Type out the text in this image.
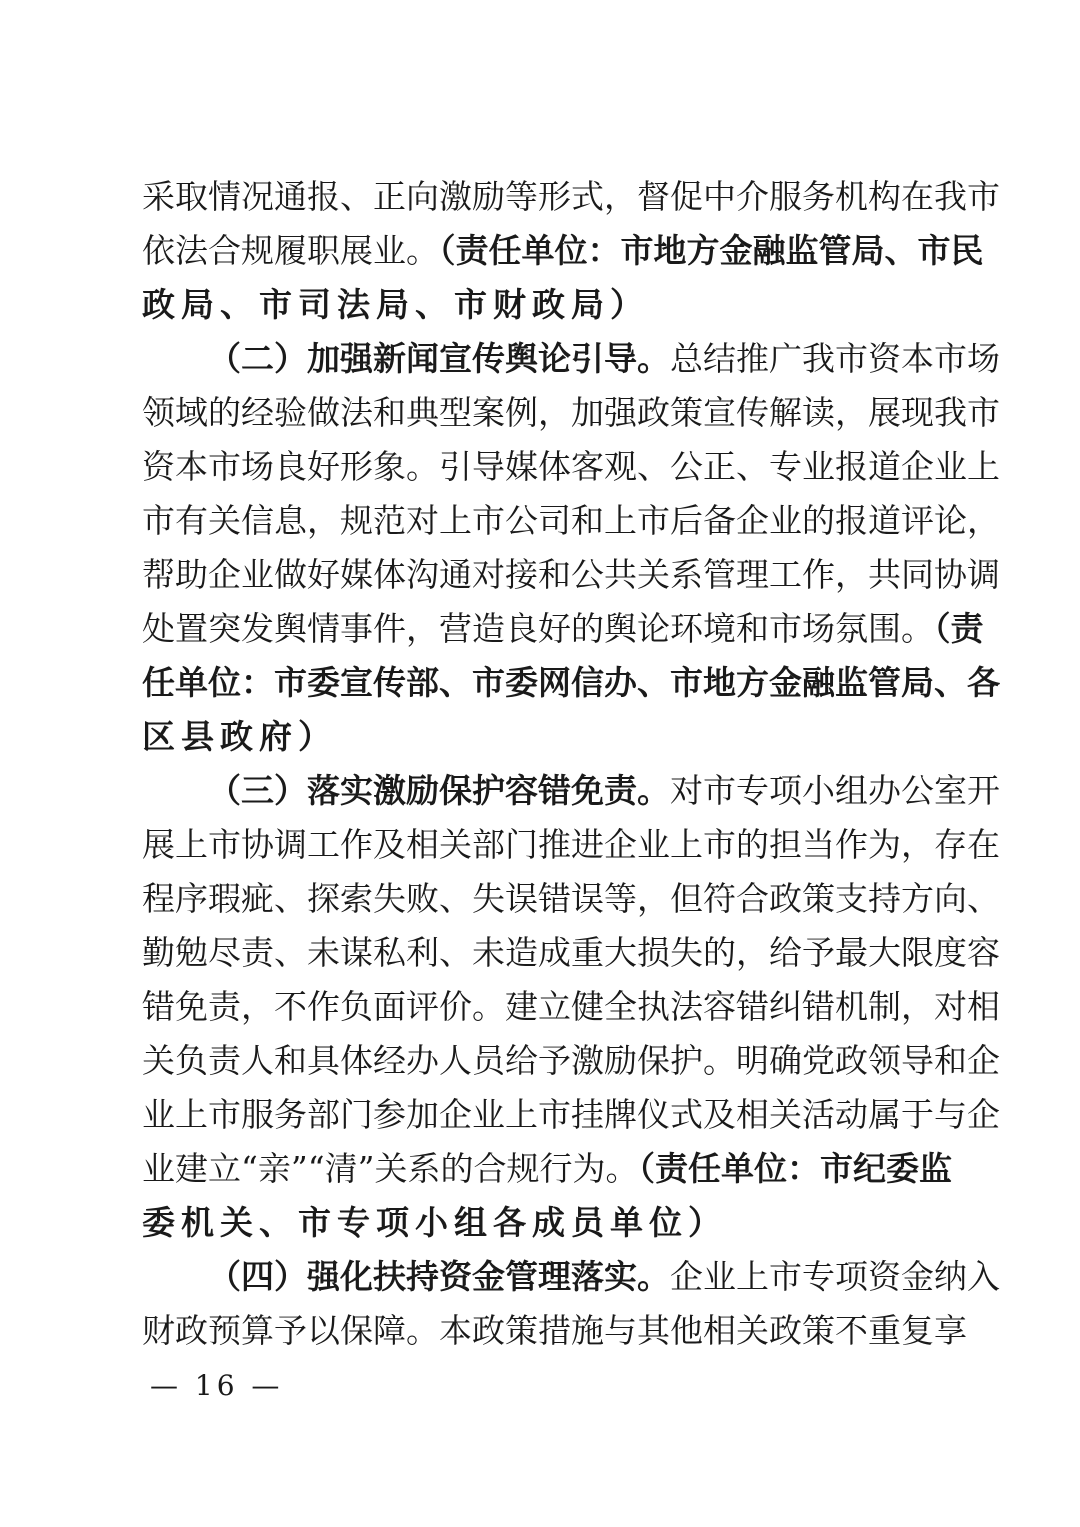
采取情况通报、正向激励等形式，督促中介服务机构在我市
依法合规履职展业。（责任单位：市地方金融监管局、市民
政局、市司法局、市财政局）
（二）加强新闻宣传舆论引导。总结推广我市资本市场
领域的经验做法和典型案例，加强政策宣传解读，展现我市
资本市场良好形象。引导媒体客观、公正、专业报道企业上
市有关信息，规范对上市公司和上市后备企业的报道评论，
帮助企业做好媒体沟通对接和公共关系管理工作，共同协调
处置突发舆情事件，营造良好的舆论环境和市场氛围。（责
任单位：市委宣传部、市委网信办、市地方金融监管局、各
区县政府）
（三）落实激励保护容错免责。对市专项小组办公室开
展上市协调工作及相关部门推进企业上市的担当作为，存在
程序瑕疵、探索失败、失误错误等，但符合政策支持方向、
勤勉尽责、未谋私利、未造成重大损失的，给予最大限度容
错免责，不作负面评价。建立健全执法容错纠错机制，对相
关负责人和具体经办人员给予激励保护。明确党政领导和企
业上市服务部门参加企业上市挂牌仪式及相关活动属于与企
业建立“亲”“清”关系的合规行为。（责任单位：市纪委监
委机关、市专项小组各成员单位）
（四）强化扶持资金管理落实。企业上市专项资金纳入
财政预算予以保障。本政策措施与其他相关政策不重复享
— 16 —
